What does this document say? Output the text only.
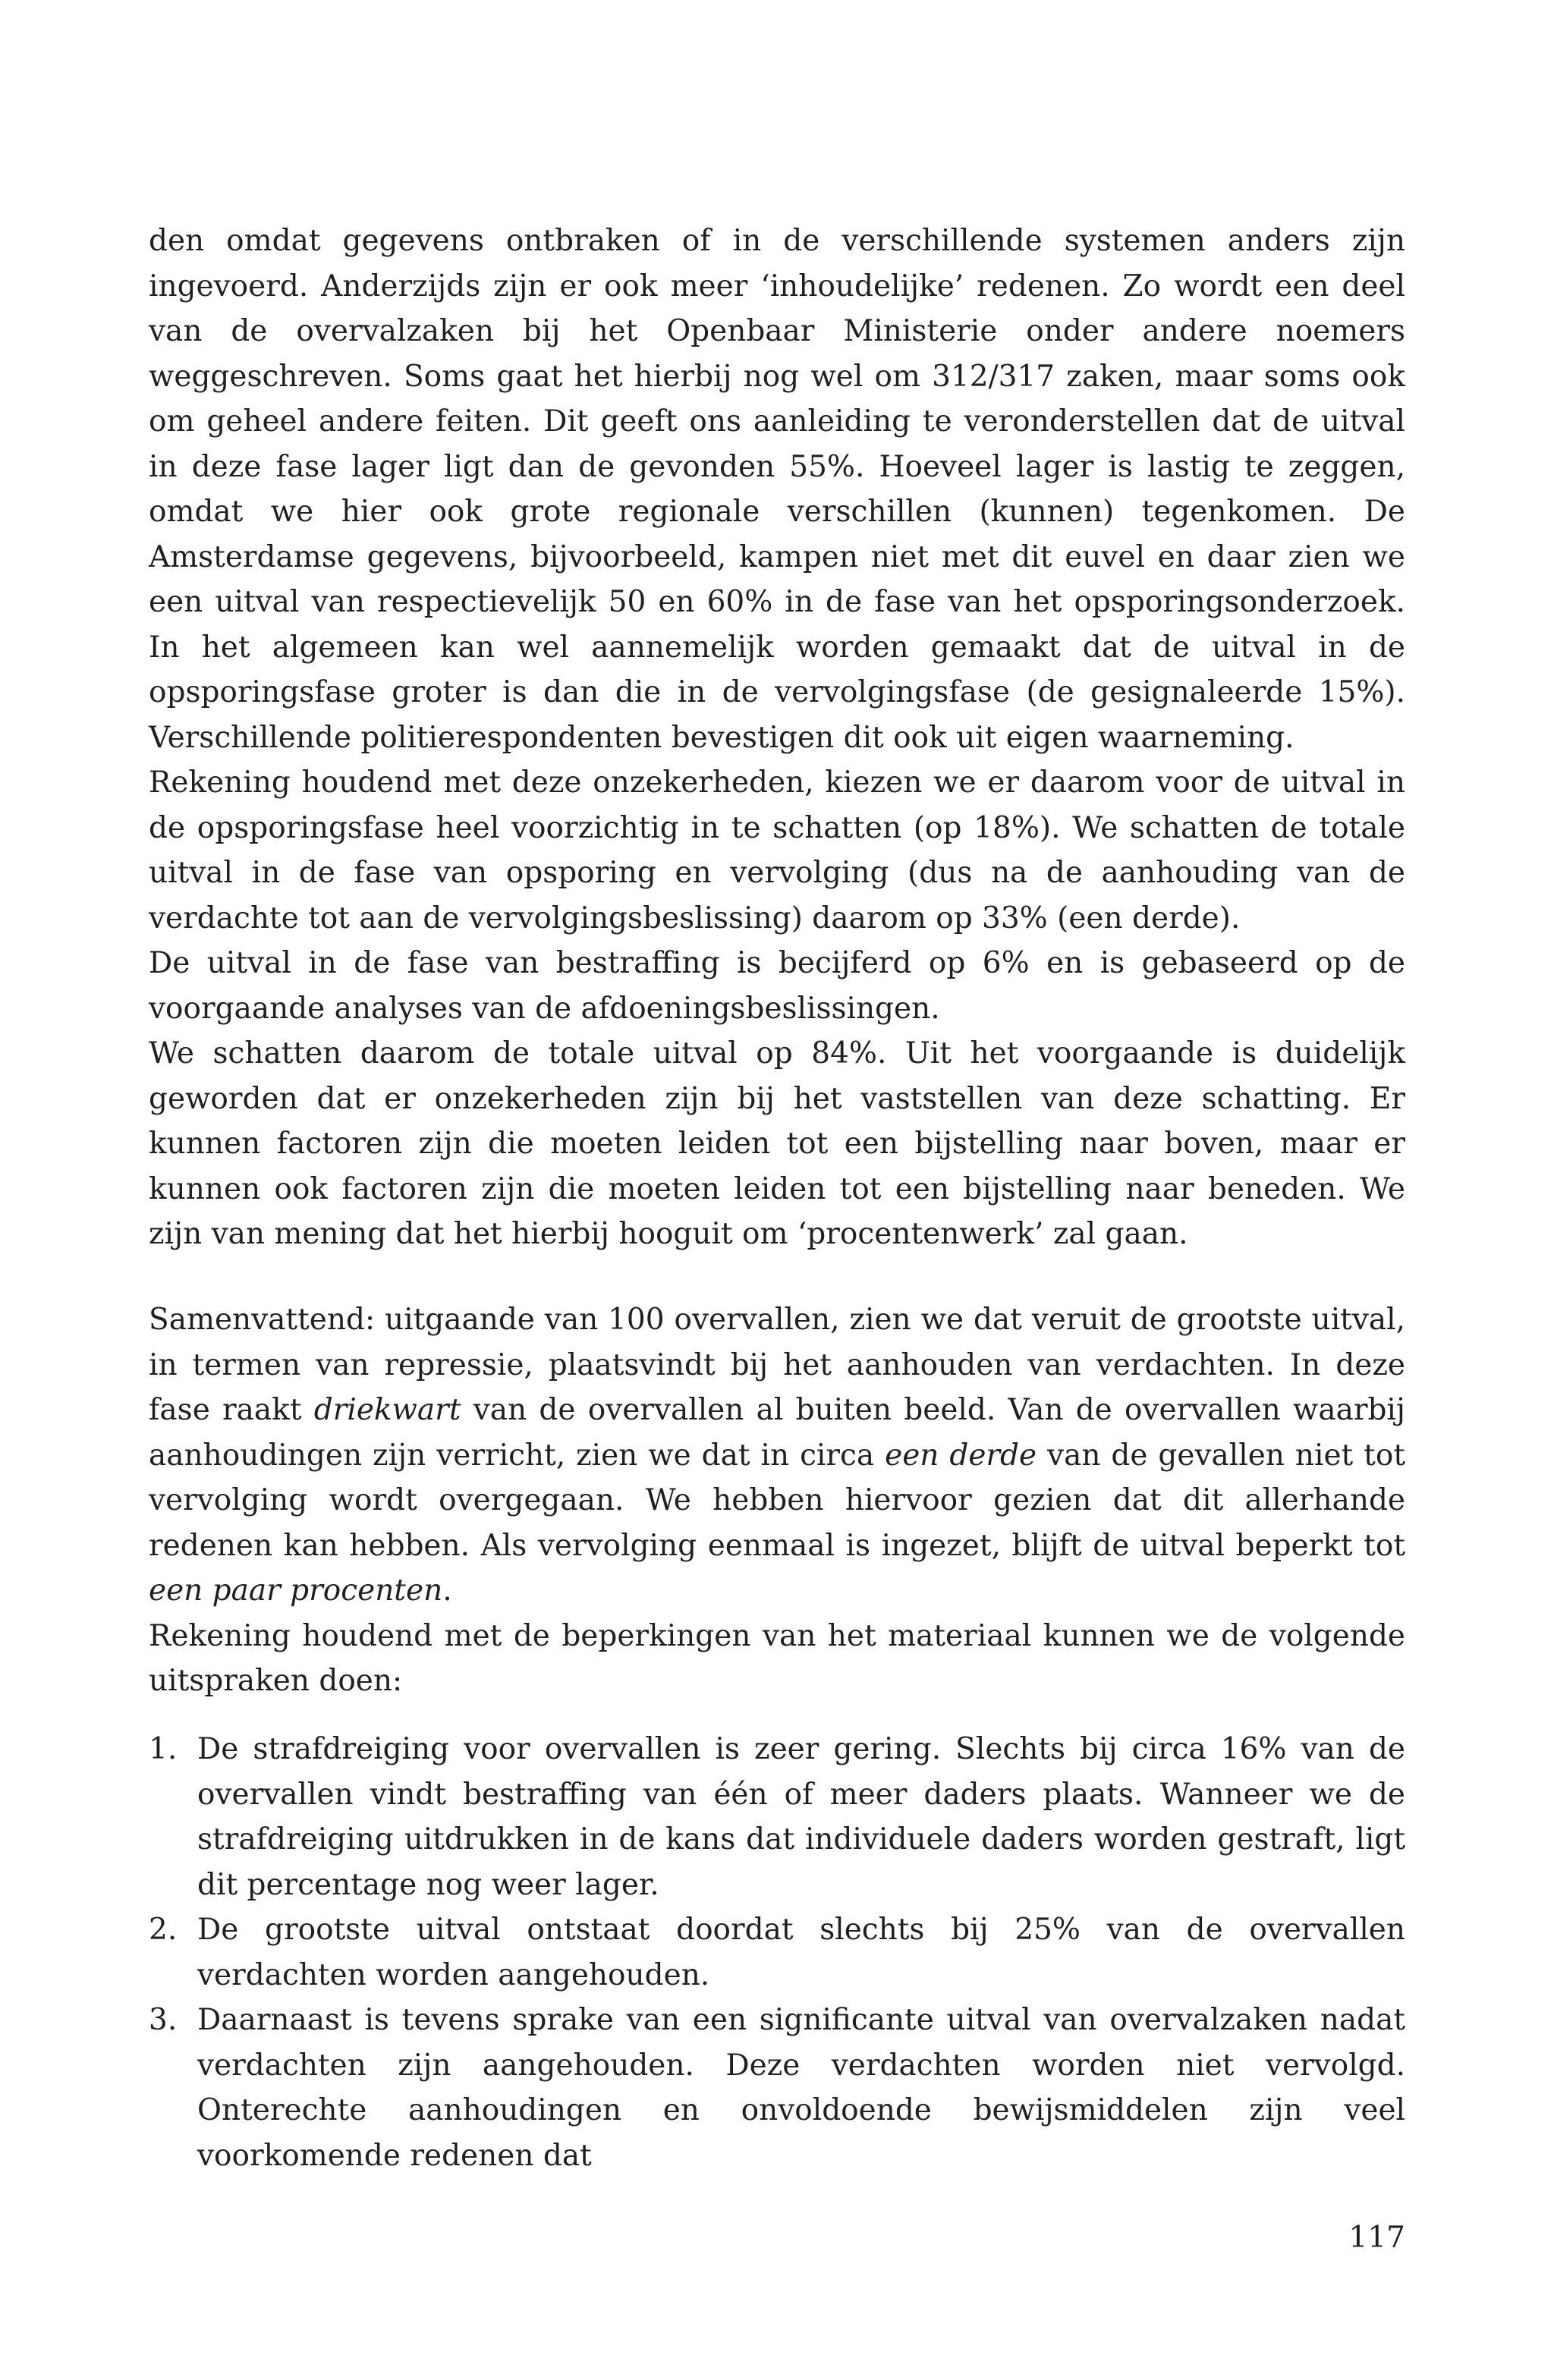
den omdat gegevens ontbraken of in de verschillende systemen anders zijn ingevoerd. Anderzijds zijn er ook meer ‘inhoudelijke’ redenen. Zo wordt een deel van de overvalzaken bij het Openbaar Ministerie onder andere noemers weggeschreven. Soms gaat het hierbij nog wel om 312/317 zaken, maar soms ook om geheel andere feiten. Dit geeft ons aanleiding te veronderstellen dat de uitval in deze fase lager ligt dan de gevonden 55%. Hoeveel lager is lastig te zeggen, omdat we hier ook grote regionale verschillen (kunnen) tegenkomen. De Amsterdamse gegevens, bijvoorbeeld, kampen niet met dit euvel en daar zien we een uitval van respectievelijk 50 en 60% in de fase van het opsporingsonderzoek. In het algemeen kan wel aannemelijk worden gemaakt dat de uitval in de opsporingsfase groter is dan die in de vervolgingsfase (de gesignaleerde 15%). Verschillende politierespondenten bevestigen dit ook uit eigen waarneming.

Rekening houdend met deze onzekerheden, kiezen we er daarom voor de uitval in de opsporingsfase heel voorzichtig in te schatten (op 18%). We schatten de totale uitval in de fase van opsporing en vervolging (dus na de aanhouding van de verdachte tot aan de vervolgingsbeslissing) daarom op 33% (een derde).

De uitval in de fase van bestraffing is becijferd op 6% en is gebaseerd op de voorgaande analyses van de afdoeningsbeslissingen.

We schatten daarom de totale uitval op 84%. Uit het voorgaande is duidelijk geworden dat er onzekerheden zijn bij het vaststellen van deze schatting. Er kunnen factoren zijn die moeten leiden tot een bijstelling naar boven, maar er kunnen ook factoren zijn die moeten leiden tot een bijstelling naar beneden. We zijn van mening dat het hierbij hooguit om ‘procentenwerk’ zal gaan.

Samenvattend: uitgaande van 100 overvallen, zien we dat veruit de grootste uitval, in termen van repressie, plaatsvindt bij het aanhouden van verdachten. In deze fase raakt driekwart van de overvallen al buiten beeld. Van de overvallen waarbij aanhoudingen zijn verricht, zien we dat in circa een derde van de gevallen niet tot vervolging wordt overgegaan. We hebben hiervoor gezien dat dit allerhande redenen kan hebben. Als vervolging eenmaal is ingezet, blijft de uitval beperkt tot een paar procenten.

Rekening houdend met de beperkingen van het materiaal kunnen we de volgende uitspraken doen:

1. De strafdreiging voor overvallen is zeer gering. Slechts bij circa 16% van de overvallen vindt bestraffing van één of meer daders plaats. Wanneer we de strafdreiging uitdrukken in de kans dat individuele daders worden gestraft, ligt dit percentage nog weer lager.
2. De grootste uitval ontstaat doordat slechts bij 25% van de overvallen verdachten worden aangehouden.
3. Daarnaast is tevens sprake van een significante uitval van overvalzaken nadat verdachten zijn aangehouden. Deze verdachten worden niet vervolgd. Onterechte aanhoudingen en onvoldoende bewijsmiddelen zijn veel voorkomende redenen dat
117
